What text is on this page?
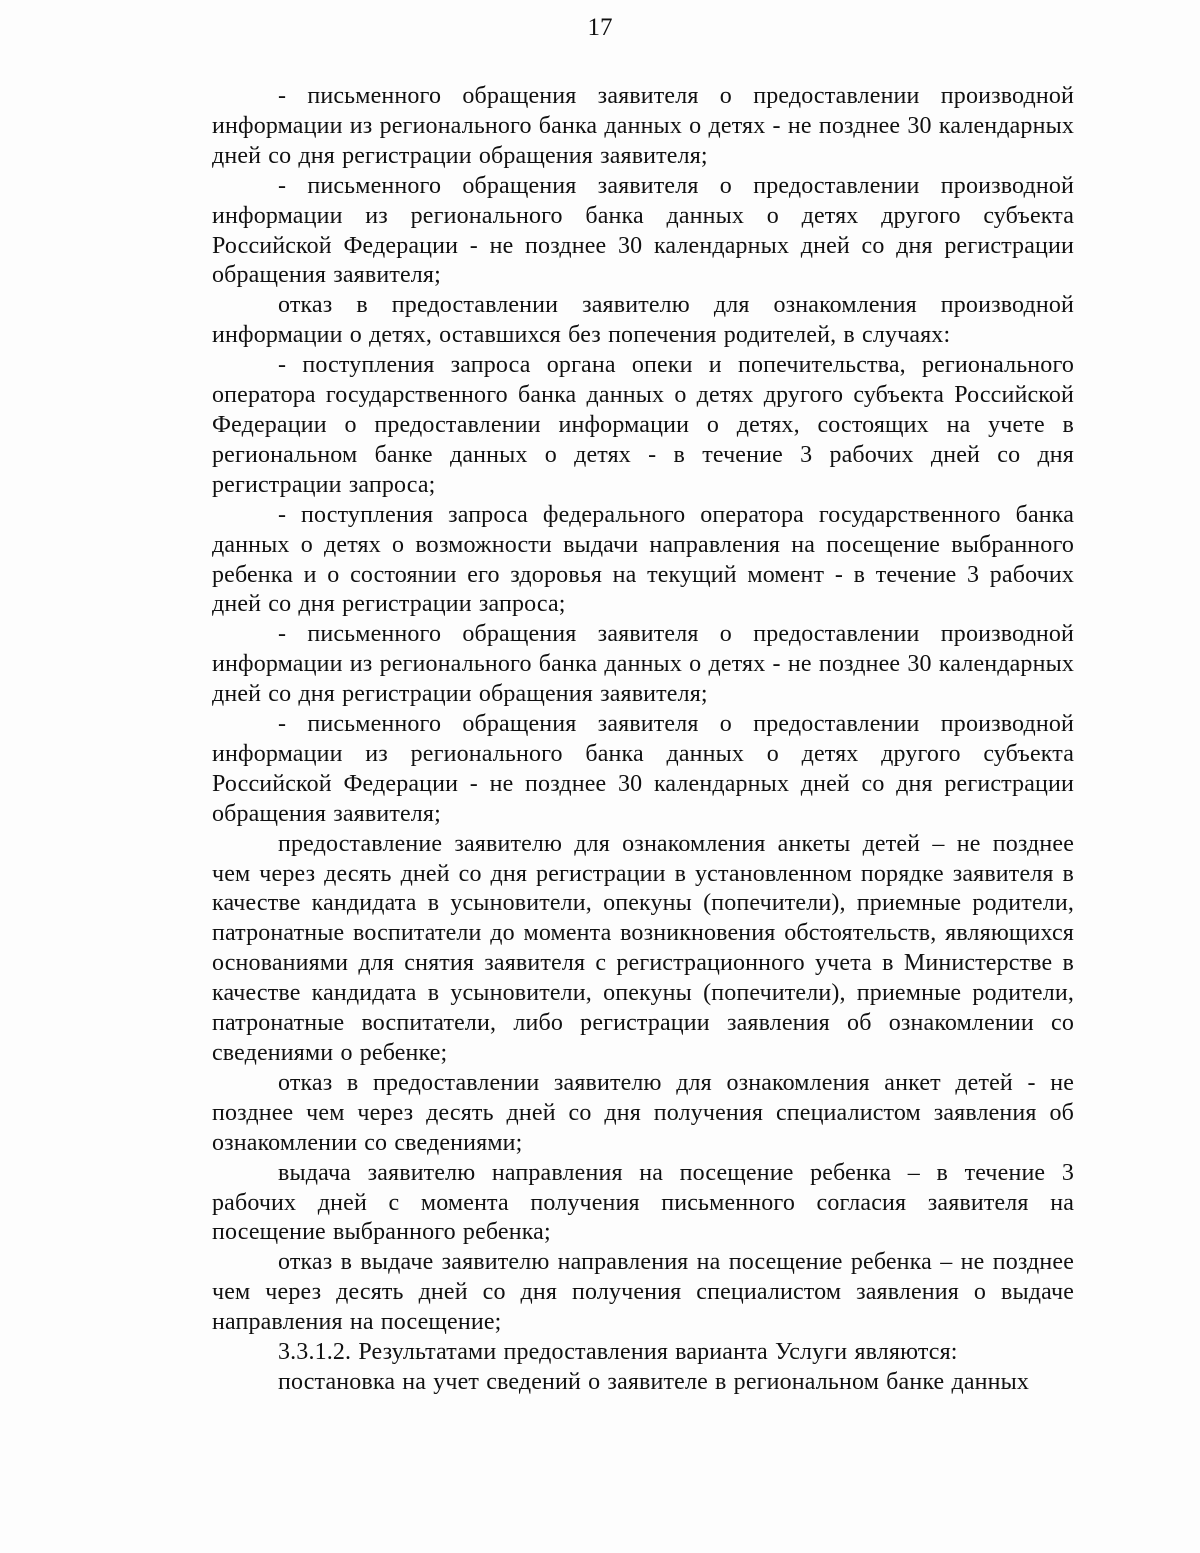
17

- письменного обращения заявителя о предоставлении производной информации из регионального банка данных о детях - не позднее 30 календарных дней со дня регистрации обращения заявителя;

- письменного обращения заявителя о предоставлении производной информации из регионального банка данных о детях другого субъекта Российской Федерации - не позднее 30 календарных дней со дня регистрации обращения заявителя;

отказ в предоставлении заявителю для ознакомления производной информации о детях, оставшихся без попечения родителей, в случаях:

- поступления запроса органа опеки и попечительства, регионального оператора государственного банка данных о детях другого субъекта Российской Федерации о предоставлении информации о детях, состоящих на учете в региональном банке данных о детях - в течение 3 рабочих дней со дня регистрации запроса;

- поступления запроса федерального оператора государственного банка данных о детях о возможности выдачи направления на посещение выбранного ребенка и о состоянии его здоровья на текущий момент - в течение 3 рабочих дней со дня регистрации запроса;

- письменного обращения заявителя о предоставлении производной информации из регионального банка данных о детях - не позднее 30 календарных дней со дня регистрации обращения заявителя;

- письменного обращения заявителя о предоставлении производной информации из регионального банка данных о детях другого субъекта Российской Федерации - не позднее 30 календарных дней со дня регистрации обращения заявителя;

предоставление заявителю для ознакомления анкеты детей – не позднее чем через десять дней со дня регистрации в установленном порядке заявителя в качестве кандидата в усыновители, опекуны (попечители), приемные родители, патронатные воспитатели до момента возникновения обстоятельств, являющихся основаниями для снятия заявителя с регистрационного учета в Министерстве в качестве кандидата в усыновители, опекуны (попечители), приемные родители, патронатные воспитатели, либо регистрации заявления об ознакомлении со сведениями о ребенке;

отказ в предоставлении заявителю для ознакомления анкет детей - не позднее чем через десять дней со дня получения специалистом заявления об ознакомлении со сведениями;

выдача заявителю направления на посещение ребенка – в течение 3 рабочих дней с момента получения письменного согласия заявителя на посещение выбранного ребенка;

отказ в выдаче заявителю направления на посещение ребенка – не позднее чем через десять дней со дня получения специалистом заявления о выдаче направления на посещение;

3.3.1.2. Результатами предоставления варианта Услуги являются:

постановка на учет сведений о заявителе в региональном банке данных
